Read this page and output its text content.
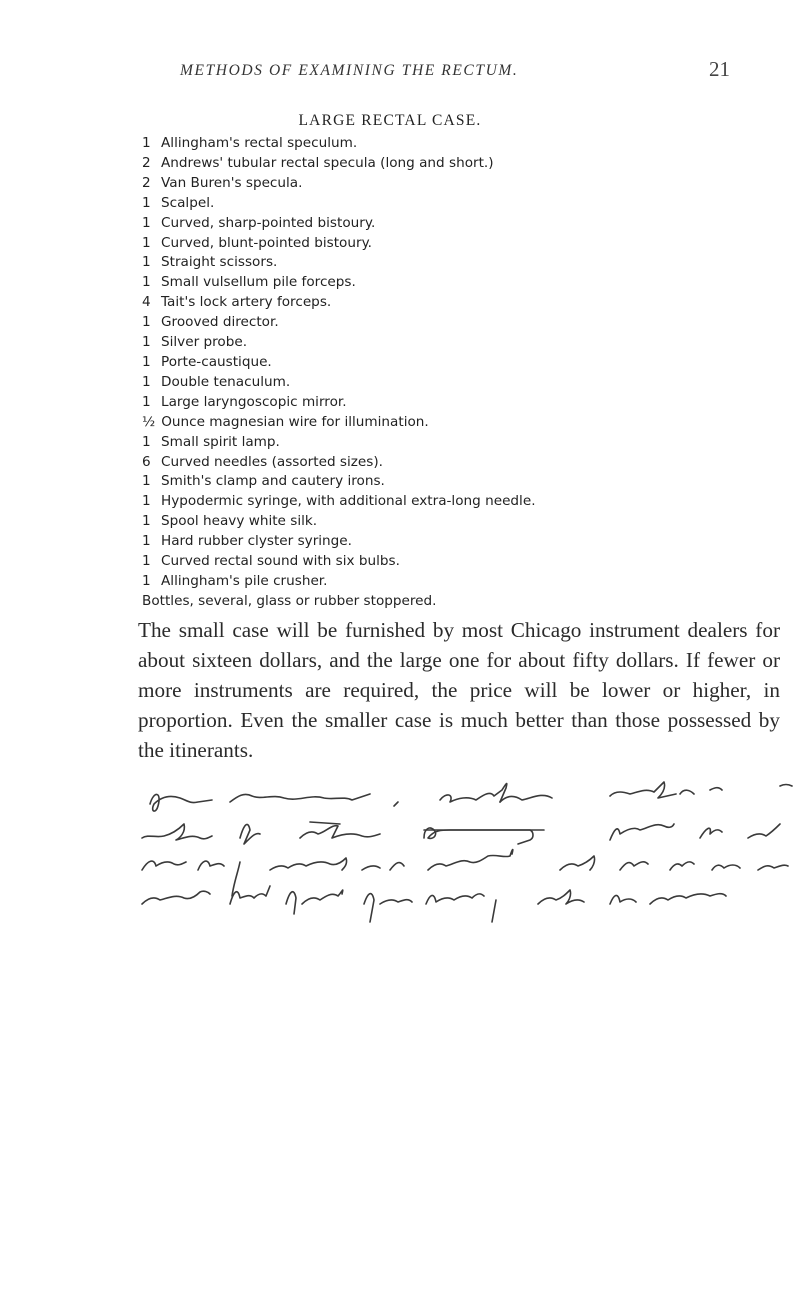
METHODS OF EXAMINING THE RECTUM.	21
LARGE RECTAL CASE.
1 Allingham's rectal speculum.
2 Andrews' tubular rectal specula (long and short.)
2 Van Buren's specula.
1 Scalpel.
1 Curved, sharp-pointed bistoury.
1 Curved, blunt-pointed bistoury.
1 Straight scissors.
1 Small vulsellum pile forceps.
4 Tait's lock artery forceps.
1 Grooved director.
1 Silver probe.
1 Porte-caustique.
1 Double tenaculum.
1 Large laryngoscopic mirror.
½ Ounce magnesian wire for illumination.
1 Small spirit lamp.
6 Curved needles (assorted sizes).
1 Smith's clamp and cautery irons.
1 Hypodermic syringe, with additional extra-long needle.
1 Spool heavy white silk.
1 Hard rubber clyster syringe.
1 Curved rectal sound with six bulbs.
1 Allingham's pile crusher.
Bottles, several, glass or rubber stoppered.

The small case will be furnished by most Chicago instrument dealers for about sixteen dollars, and the large one for about fifty dollars. If fewer or more instruments are required, the price will be lower or higher, in proportion. Even the smaller case is much better than those possessed by the itinerants.
